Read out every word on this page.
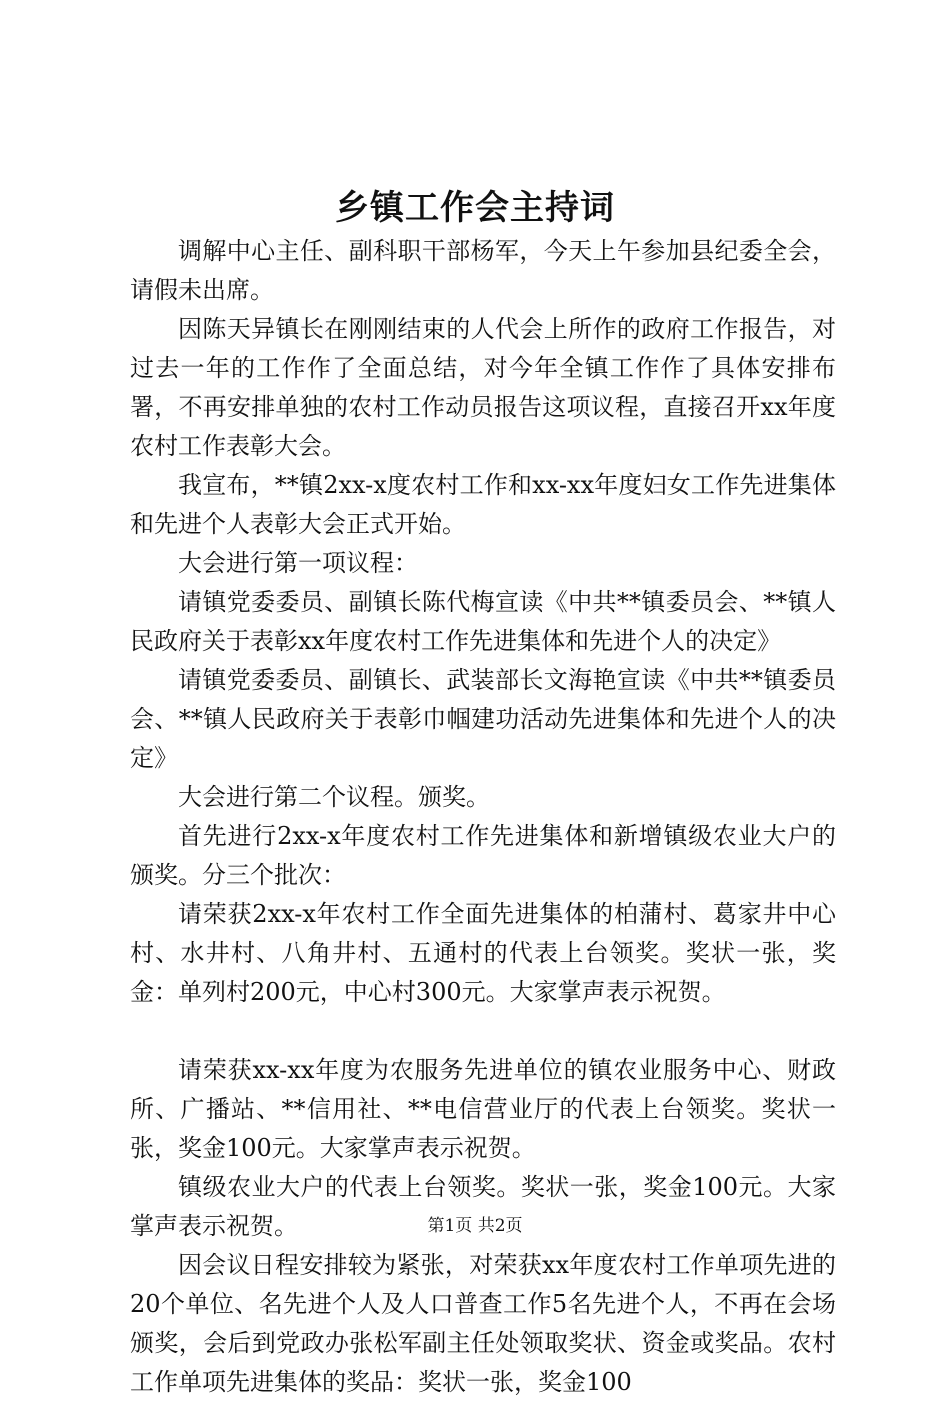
乡镇工作会主持词

调解中心主任、副科职干部杨军，今天上午参加县纪委全会，请假未出席。

因陈天异镇长在刚刚结束的人代会上所作的政府工作报告，对过去一年的工作作了全面总结，对今年全镇工作作了具体安排布署，不再安排单独的农村工作动员报告这项议程，直接召开xx年度农村工作表彰大会。

我宣布，**镇2xx-x度农村工作和xx-xx年度妇女工作先进集体和先进个人表彰大会正式开始。

大会进行第一项议程：

请镇党委委员、副镇长陈代梅宣读《中共**镇委员会、**镇人民政府关于表彰xx年度农村工作先进集体和先进个人的决定》

请镇党委委员、副镇长、武装部长文海艳宣读《中共**镇委员会、**镇人民政府关于表彰巾帼建功活动先进集体和先进个人的决定》

大会进行第二个议程。颁奖。

首先进行2xx-x年度农村工作先进集体和新增镇级农业大户的颁奖。分三个批次：

请荣获2xx-x年农村工作全面先进集体的柏蒲村、葛家井中心村、水井村、八角井村、五通村的代表上台领奖。奖状一张，奖金：单列村200元，中心村300元。大家掌声表示祝贺。

请荣获xx-xx年度为农服务先进单位的镇农业服务中心、财政所、广播站、**信用社、**电信营业厅的代表上台领奖。奖状一张，奖金100元。大家掌声表示祝贺。

镇级农业大户的代表上台领奖。奖状一张，奖金100元。大家掌声表示祝贺。

因会议日程安排较为紧张，对荣获xx年度农村工作单项先进的20个单位、名先进个人及人口普查工作5名先进个人，不再在会场颁奖，会后到党政办张松军副主任处领取奖状、资金或奖品。农村工作单项先进集体的奖品：奖状一张，奖金100

第1页 共2页
